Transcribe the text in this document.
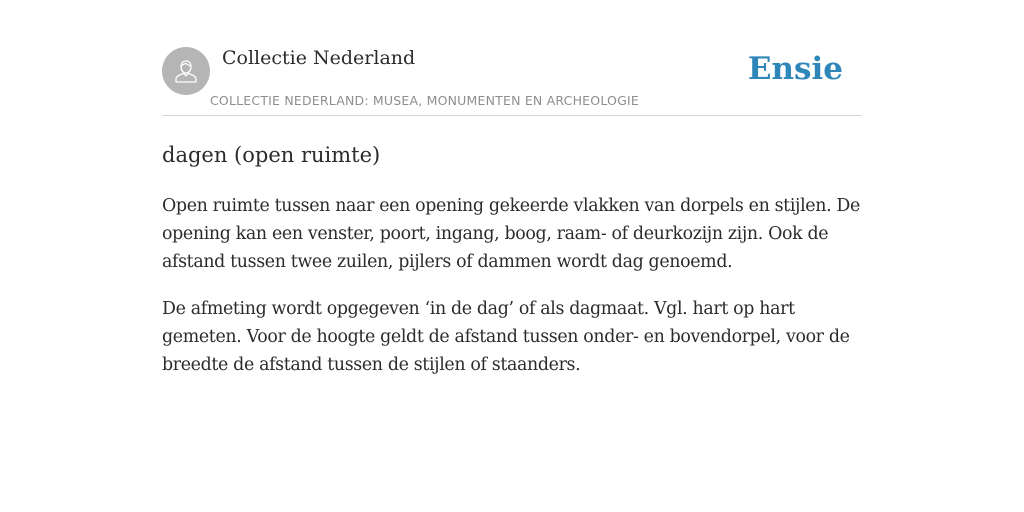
Collectie Nederland
COLLECTIE NEDERLAND: MUSEA, MONUMENTEN EN ARCHEOLOGIE
Ensie
dagen (open ruimte)

Open ruimte tussen naar een opening gekeerde vlakken van dorpels en stijlen. De opening kan een venster, poort, ingang, boog, raam- of deurkozijn zijn. Ook de afstand tussen twee zuilen, pijlers of dammen wordt dag genoemd.

De afmeting wordt opgegeven ‘in de dag’ of als dagmaat. Vgl. hart op hart gemeten. Voor de hoogte geldt de afstand tussen onder- en bovendorpel, voor de breedte de afstand tussen de stijlen of staanders.
